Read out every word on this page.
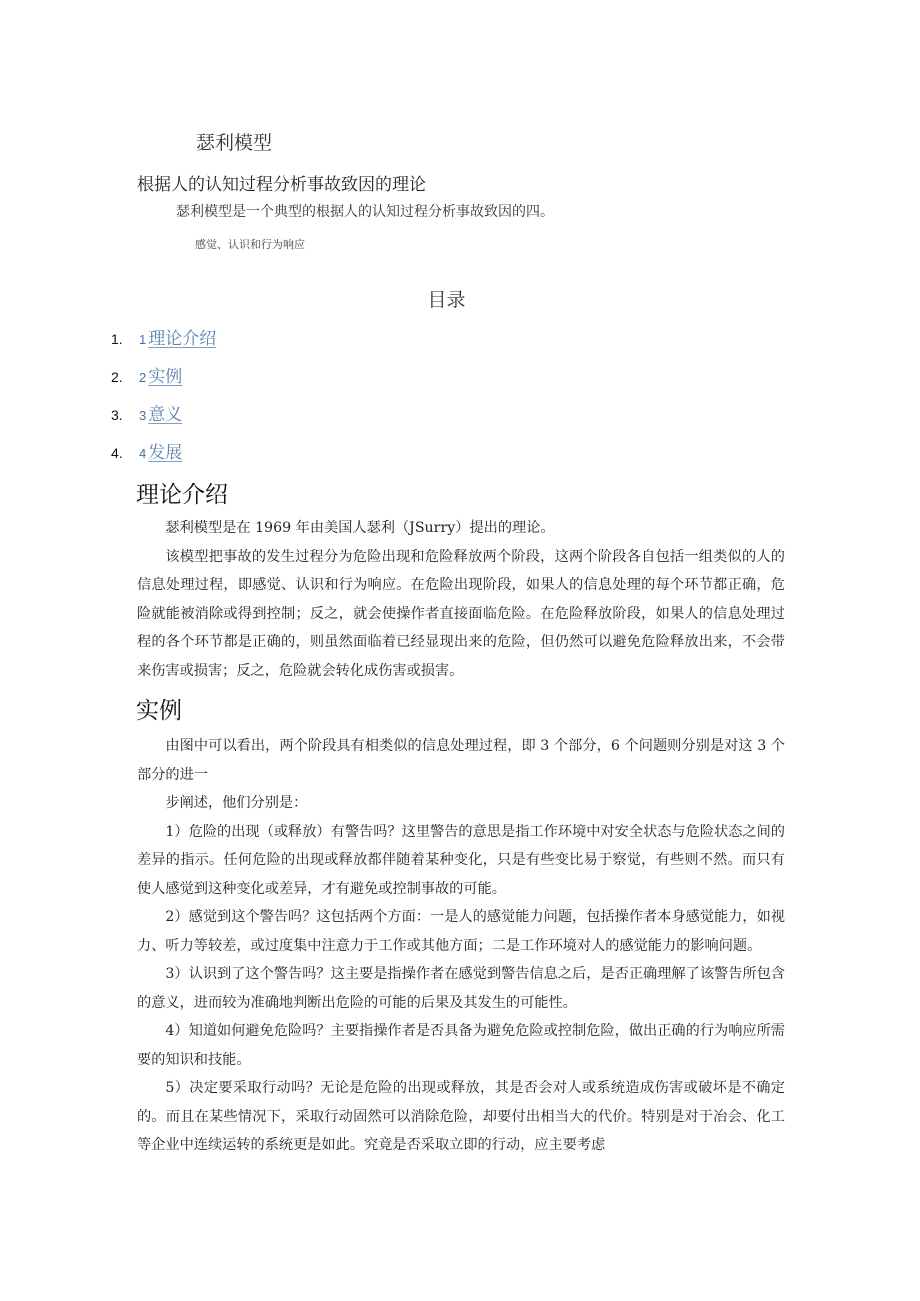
瑟利模型
根据人的认知过程分析事故致因的理论
瑟利模型是一个典型的根据人的认知过程分析事故致因的四。
感觉、认识和行为响应
目录
1.	1 理论介绍
2.	2 实例
3.	3 意义
4.	4 发展
理论介绍

瑟利模型是在 1969 年由美国人瑟利（JSurry）提出的理论。

该模型把事故的发生过程分为危险出现和危险释放两个阶段，这两个阶段各自包括一组类似的人的信息处理过程，即感觉、认识和行为响应。在危险出现阶段，如果人的信息处理的每个环节都正确，危险就能被消除或得到控制；反之，就会使操作者直接面临危险。在危险释放阶段，如果人的信息处理过程的各个环节都是正确的，则虽然面临着已经显现出来的危险，但仍然可以避免危险释放出来，不会带来伤害或损害；反之，危险就会转化成伤害或损害。

实例

由图中可以看出，两个阶段具有相类似的信息处理过程，即 3 个部分，6 个问题则分别是对这 3 个部分的进一

步阐述，他们分别是：

1）危险的出现（或释放）有警告吗？这里警告的意思是指工作环境中对安全状态与危险状态之间的差异的指示。任何危险的出现或释放都伴随着某种变化，只是有些变比易于察觉，有些则不然。而只有使人感觉到这种变化或差异，才有避免或控制事故的可能。

2）感觉到这个警告吗？这包括两个方面：一是人的感觉能力问题，包括操作者本身感觉能力，如视力、听力等较差，或过度集中注意力于工作或其他方面；二是工作环境对人的感觉能力的影响问题。

3）认识到了这个警告吗？这主要是指操作者在感觉到警告信息之后，是否正确理解了该警告所包含的意义，进而较为准确地判断出危险的可能的后果及其发生的可能性。

4）知道如何避免危险吗？主要指操作者是否具备为避免危险或控制危险，做出正确的行为响应所需要的知识和技能。

5）决定要采取行动吗？无论是危险的出现或释放，其是否会对人或系统造成伤害或破坏是不确定的。而且在某些情况下，采取行动固然可以消除危险，却要付出相当大的代价。特别是对于冶会、化工等企业中连续运转的系统更是如此。究竟是否采取立即的行动，应主要考虑
